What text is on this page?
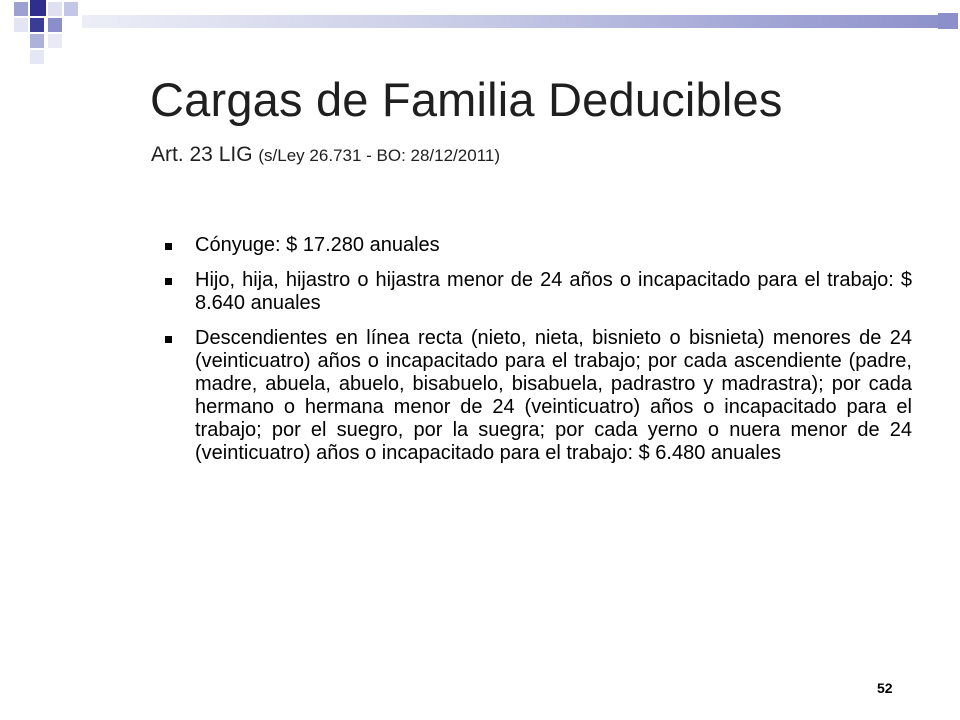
Cargas de Familia Deducibles
Art. 23 LIG (s/Ley 26.731 - BO: 28/12/2011)
Cónyuge: $ 17.280 anuales
Hijo, hija, hijastro o hijastra menor de 24 años o incapacitado para el trabajo: $ 8.640 anuales
Descendientes en línea recta (nieto, nieta, bisnieto o bisnieta) menores de 24 (veinticuatro) años o incapacitado para el trabajo; por cada ascendiente (padre, madre, abuela, abuelo, bisabuelo, bisabuela, padrastro y madrastra); por cada hermano o hermana menor de 24 (veinticuatro) años o incapacitado para el trabajo; por el suegro, por la suegra; por cada yerno o nuera menor de 24 (veinticuatro) años o incapacitado para el trabajo: $ 6.480 anuales
52
